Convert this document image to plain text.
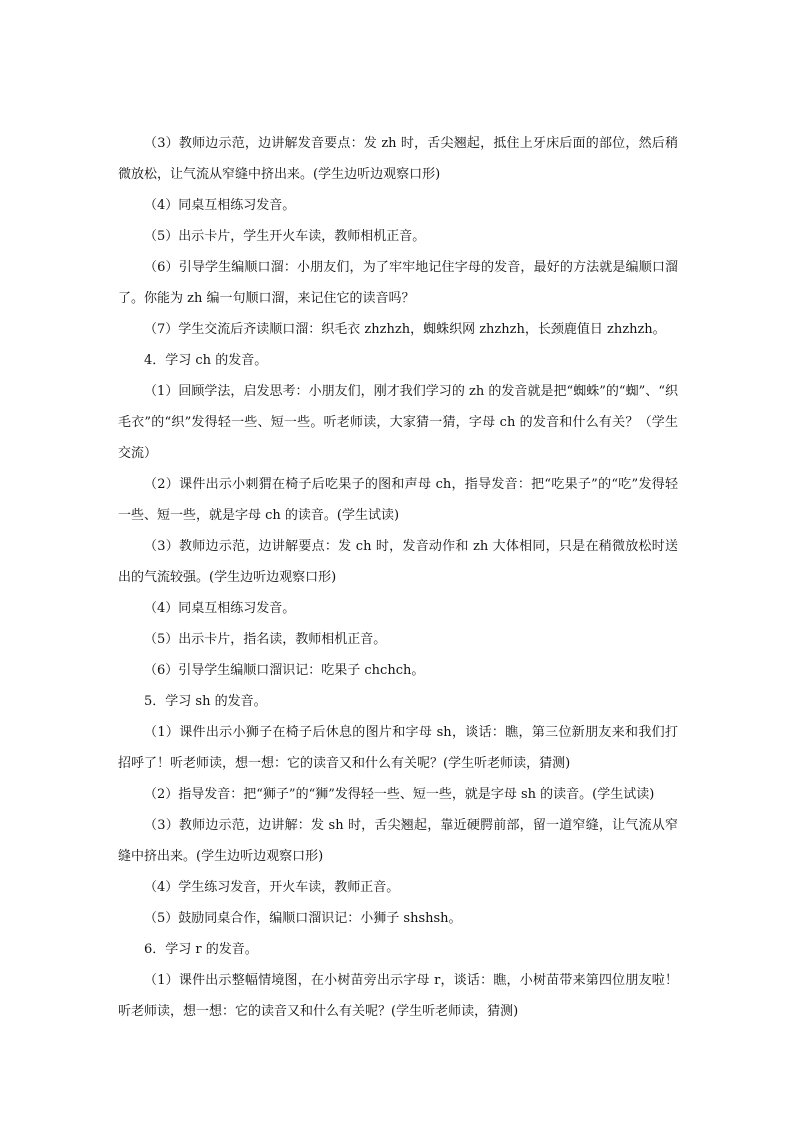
（3）教师边示范，边讲解发音要点：发 zh 时，舌尖翘起，抵住上牙床后面的部位，然后稍微放松，让气流从窄缝中挤出来。(学生边听边观察口形)

（4）同桌互相练习发音。

（5）出示卡片，学生开火车读，教师相机正音。

（6）引导学生编顺口溜：小朋友们，为了牢牢地记住字母的发音，最好的方法就是编顺口溜了。你能为 zh 编一句顺口溜，来记住它的读音吗？

（7）学生交流后齐读顺口溜：织毛衣 zhzhzh，蜘蛛织网 zhzhzh，长颈鹿值日 zhzhzh。

4．学习 ch 的发音。

（1）回顾学法，启发思考：小朋友们，刚才我们学习的 zh 的发音就是把“蜘蛛”的“蜘”、“织毛衣”的“织”发得轻一些、短一些。听老师读，大家猜一猜，字母 ch 的发音和什么有关？（学生交流）

（2）课件出示小刺猬在椅子后吃果子的图和声母 ch，指导发音：把“吃果子”的“吃”发得轻一些、短一些，就是字母 ch 的读音。(学生试读)

（3）教师边示范，边讲解要点：发 ch 时，发音动作和 zh 大体相同，只是在稍微放松时送出的气流较强。(学生边听边观察口形)

（4）同桌互相练习发音。

（5）出示卡片，指名读，教师相机正音。

（6）引导学生编顺口溜识记：吃果子 chchch。

5．学习 sh 的发音。

（1）课件出示小狮子在椅子后休息的图片和字母 sh，谈话：瞧，第三位新朋友来和我们打招呼了！听老师读，想一想：它的读音又和什么有关呢？(学生听老师读，猜测)

（2）指导发音：把“狮子”的“狮”发得轻一些、短一些，就是字母 sh 的读音。(学生试读)

（3）教师边示范，边讲解：发 sh 时，舌尖翘起，靠近硬腭前部，留一道窄缝，让气流从窄缝中挤出来。(学生边听边观察口形)

（4）学生练习发音，开火车读，教师正音。

（5）鼓励同桌合作，编顺口溜识记：小狮子 shshsh。

6．学习 r 的发音。

（1）课件出示整幅情境图，在小树苗旁出示字母 r，谈话：瞧，小树苗带来第四位朋友啦！听老师读，想一想：它的读音又和什么有关呢？(学生听老师读，猜测)
